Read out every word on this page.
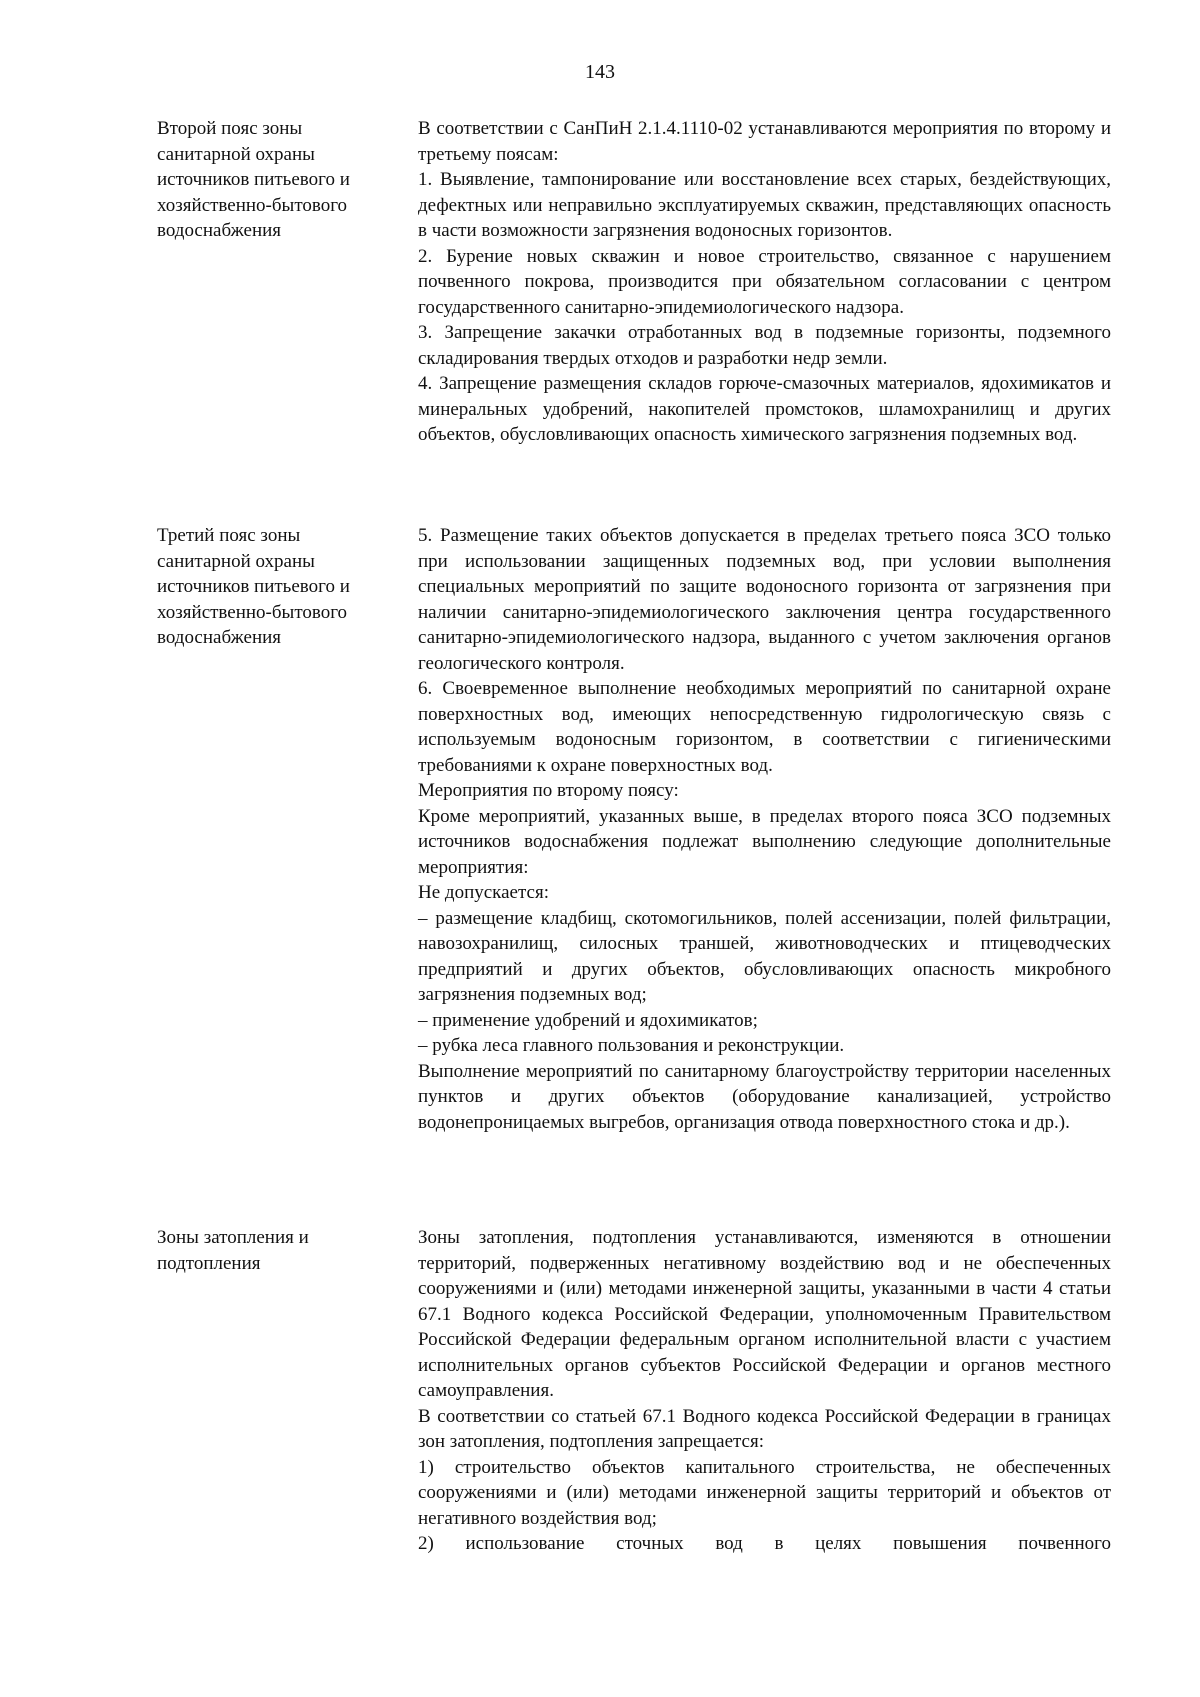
143
Второй пояс зоны
санитарной охраны
источников питьевого и
хозяйственно-бытового
водоснабжения

В соответствии с СанПиН 2.1.4.1110-02 устанавливаются мероприятия по второму и третьему поясам:

1. Выявление, тампонирование или восстановление всех старых, бездействующих, дефектных или неправильно эксплуатируемых скважин, представляющих опасность в части возможности загрязнения водоносных горизонтов.

2. Бурение новых скважин и новое строительство, связанное с нарушением почвенного покрова, производится при обязательном согласовании с центром государственного санитарно-эпидемиологического надзора.

3. Запрещение закачки отработанных вод в подземные горизонты, подземного складирования твердых отходов и разработки недр земли.

4. Запрещение размещения складов горюче-смазочных материалов, ядохимикатов и минеральных удобрений, накопителей промстоков, шламохранилищ и других объектов, обусловливающих опасность химического загрязнения подземных вод.

Третий пояс зоны
санитарной охраны
источников питьевого и
хозяйственно-бытового
водоснабжения

5. Размещение таких объектов допускается в пределах третьего пояса ЗСО только при использовании защищенных подземных вод, при условии выполнения специальных мероприятий по защите водоносного горизонта от загрязнения при наличии санитарно-эпидемиологического заключения центра государственного санитарно-эпидемиологического надзора, выданного с учетом заключения органов геологического контроля.

6. Своевременное выполнение необходимых мероприятий по санитарной охране поверхностных вод, имеющих непосредственную гидрологическую связь с используемым водоносным горизонтом, в соответствии с гигиеническими требованиями к охране поверхностных вод.

Мероприятия по второму поясу:

Кроме мероприятий, указанных выше, в пределах второго пояса ЗСО подземных источников водоснабжения подлежат выполнению следующие дополнительные мероприятия:

Не допускается:

– размещение кладбищ, скотомогильников, полей ассенизации, полей фильтрации, навозохранилищ, силосных траншей, животноводческих и птицеводческих предприятий и других объектов, обусловливающих опасность микробного загрязнения подземных вод;

– применение удобрений и ядохимикатов;

– рубка леса главного пользования и реконструкции.

Выполнение мероприятий по санитарному благоустройству территории населенных пунктов и других объектов (оборудование канализацией, устройство водонепроницаемых выгребов, организация отвода поверхностного стока и др.).

Зоны затопления и
подтопления

Зоны затопления, подтопления устанавливаются, изменяются в отношении территорий, подверженных негативному воздействию вод и не обеспеченных сооружениями и (или) методами инженерной защиты, указанными в части 4 статьи 67.1 Водного кодекса Российской Федерации, уполномоченным Правительством Российской Федерации федеральным органом исполнительной власти с участием исполнительных органов субъектов Российской Федерации и органов местного самоуправления.

В соответствии со статьей 67.1 Водного кодекса Российской Федерации в границах зон затопления, подтопления запрещается:

1) строительство объектов капитального строительства, не обеспеченных сооружениями и (или) методами инженерной защиты территорий и объектов от негативного воздействия вод;

2) использование сточных вод в целях повышения почвенного
